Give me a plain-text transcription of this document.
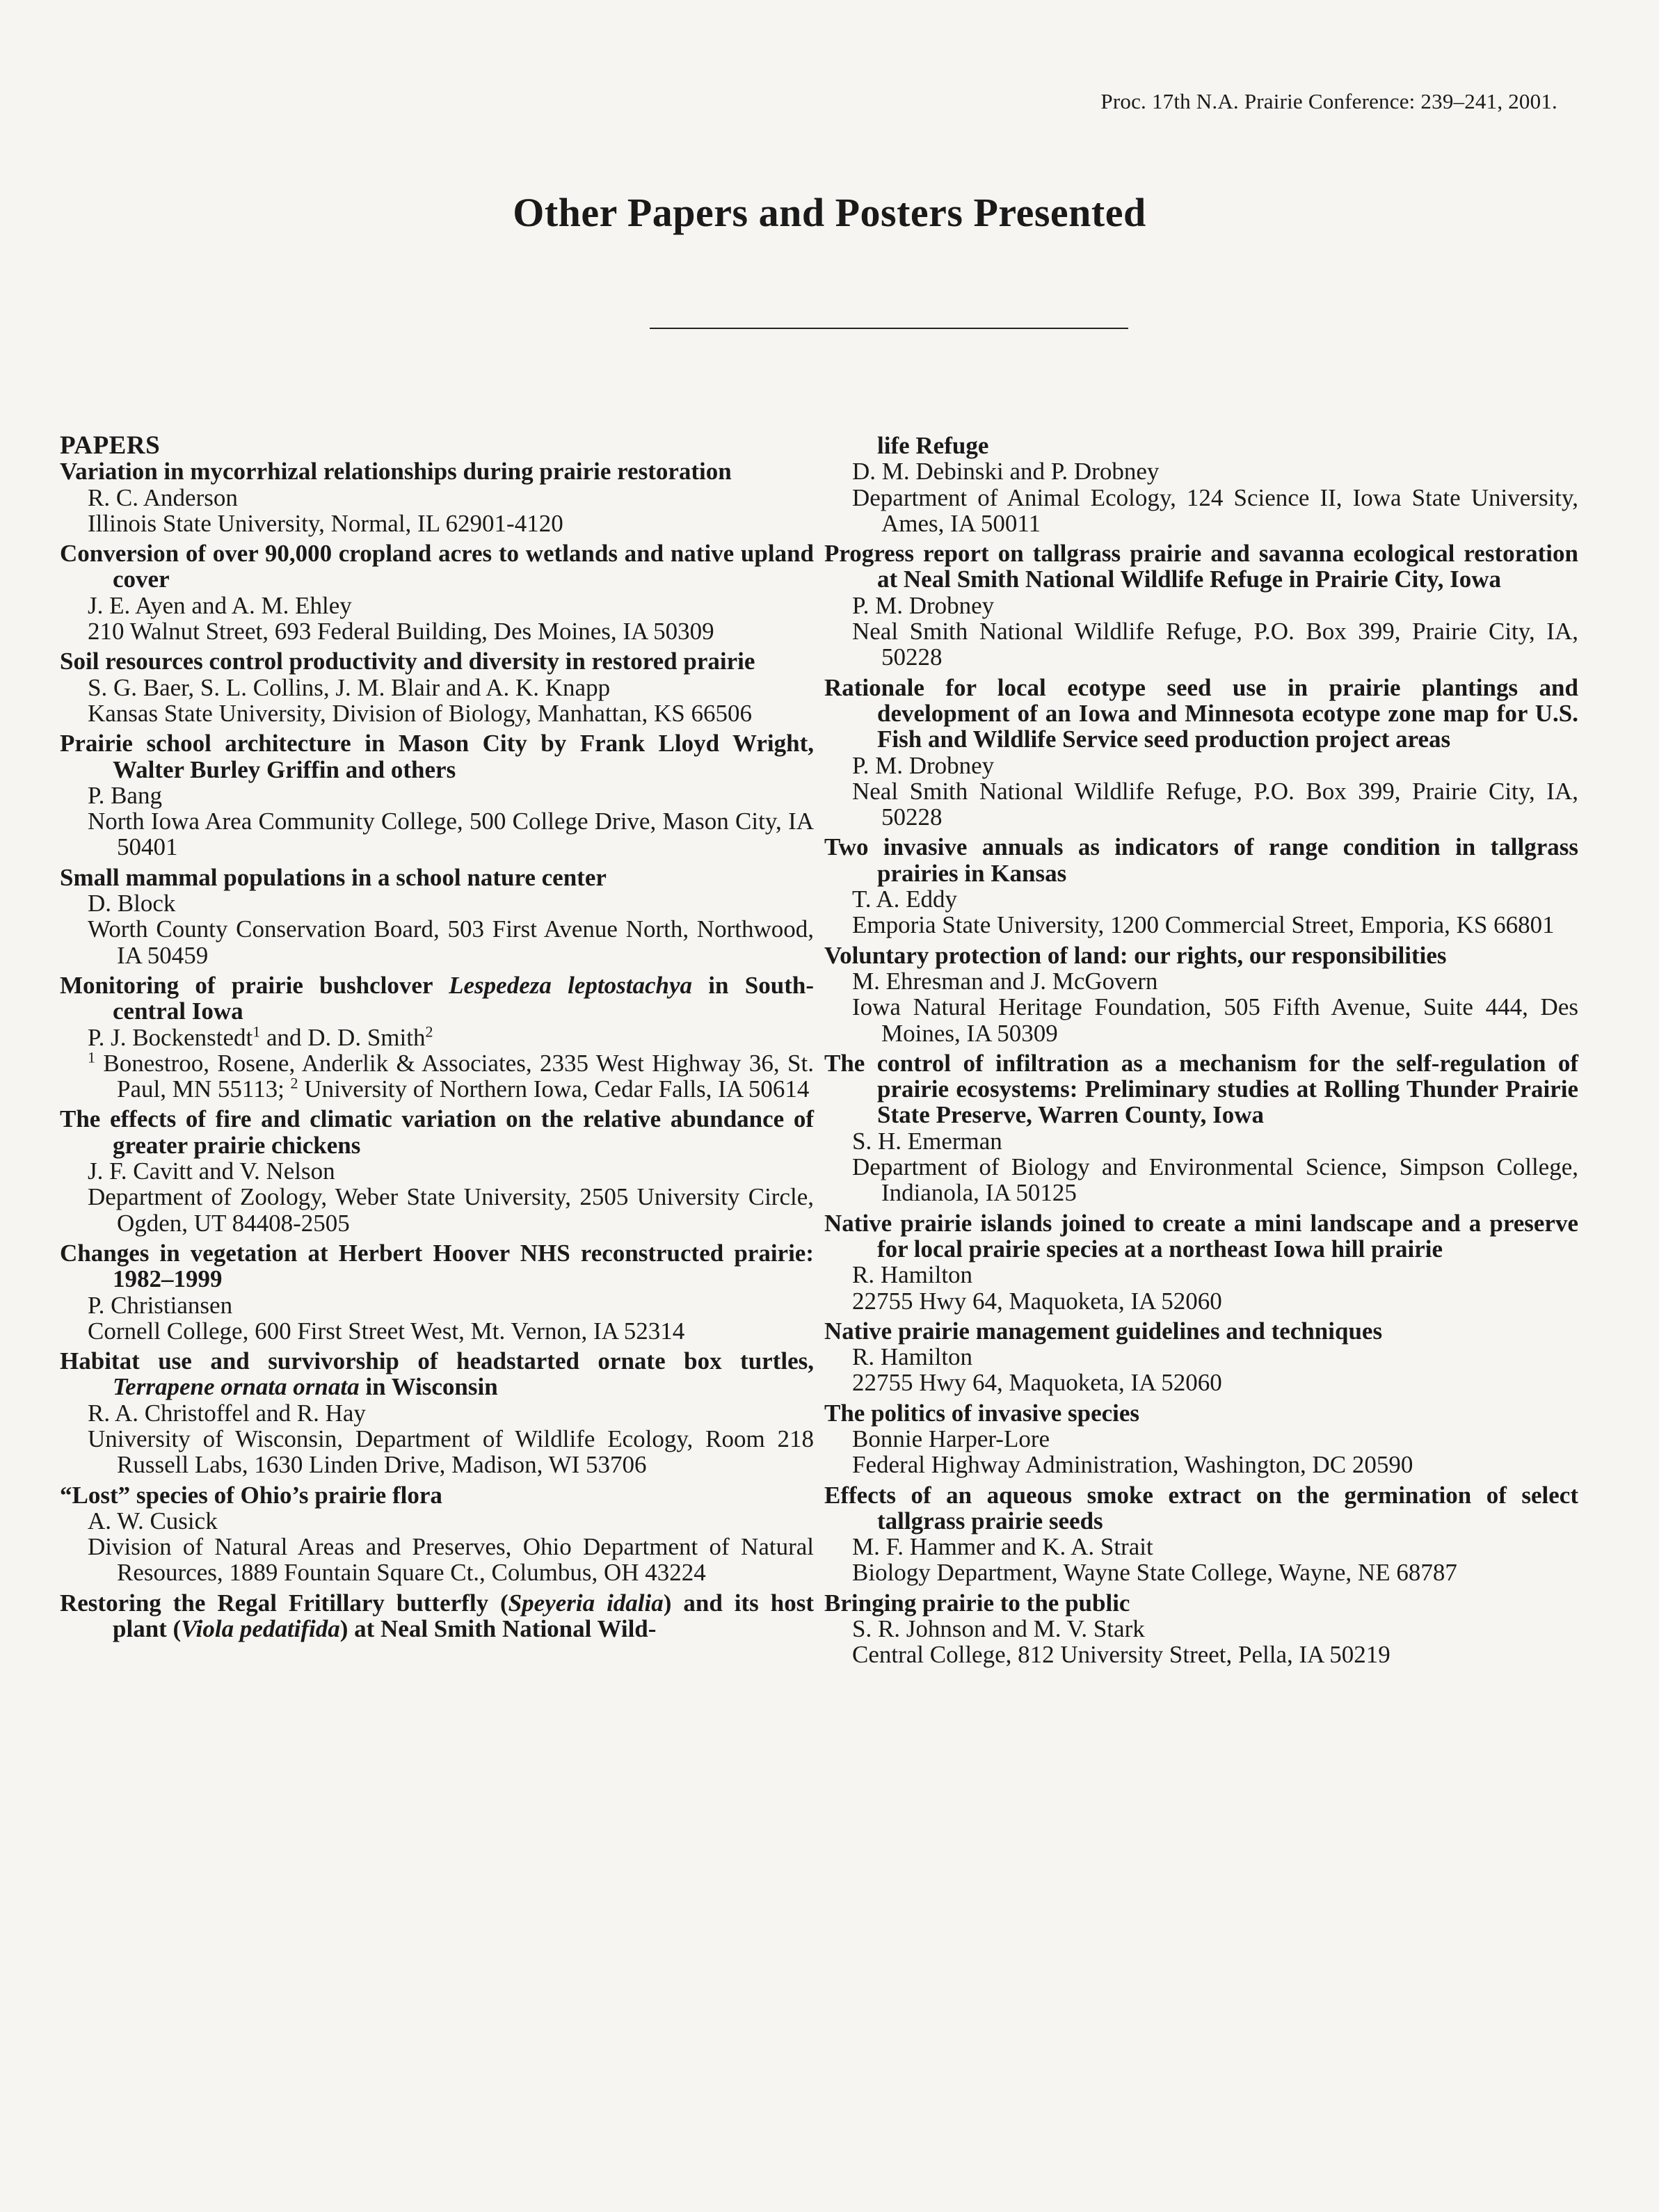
Proc. 17th N.A. Prairie Conference: 239–241, 2001.
Other Papers and Posters Presented
PAPERS
Variation in mycorrhizal relationships during prairie restoration
R. C. Anderson
Illinois State University, Normal, IL 62901-4120
Conversion of over 90,000 cropland acres to wetlands and native upland cover
J. E. Ayen and A. M. Ehley
210 Walnut Street, 693 Federal Building, Des Moines, IA 50309
Soil resources control productivity and diversity in restored prairie
S. G. Baer, S. L. Collins, J. M. Blair and A. K. Knapp
Kansas State University, Division of Biology, Manhattan, KS 66506
Prairie school architecture in Mason City by Frank Lloyd Wright, Walter Burley Griffin and others
P. Bang
North Iowa Area Community College, 500 College Drive, Mason City, IA 50401
Small mammal populations in a school nature center
D. Block
Worth County Conservation Board, 503 First Avenue North, Northwood, IA 50459
Monitoring of prairie bushclover Lespedeza leptostachya in South-central Iowa
P. J. Bockenstedt$^1$ and D. D. Smith$^2$
$^1$ Bonestroo, Rosene, Anderlik & Associates, 2335 West Highway 36, St. Paul, MN 55113; $^2$ University of Northern Iowa, Cedar Falls, IA 50614
The effects of fire and climatic variation on the relative abundance of greater prairie chickens
J. F. Cavitt and V. Nelson
Department of Zoology, Weber State University, 2505 University Circle, Ogden, UT 84408-2505
Changes in vegetation at Herbert Hoover NHS reconstructed prairie: 1982–1999
P. Christiansen
Cornell College, 600 First Street West, Mt. Vernon, IA 52314
Habitat use and survivorship of headstarted ornate box turtles, Terrapene ornata ornata in Wisconsin
R. A. Christoffel and R. Hay
University of Wisconsin, Department of Wildlife Ecology, Room 218 Russell Labs, 1630 Linden Drive, Madison, WI 53706
“Lost” species of Ohio’s prairie flora
A. W. Cusick
Division of Natural Areas and Preserves, Ohio Department of Natural Resources, 1889 Fountain Square Ct., Columbus, OH 43224
Restoring the Regal Fritillary butterfly (Speyeria idalia) and its host plant (Viola pedatifida) at Neal Smith National Wild-
life Refuge
D. M. Debinski and P. Drobney
Department of Animal Ecology, 124 Science II, Iowa State University, Ames, IA 50011
Progress report on tallgrass prairie and savanna ecological restoration at Neal Smith National Wildlife Refuge in Prairie City, Iowa
P. M. Drobney
Neal Smith National Wildlife Refuge, P.O. Box 399, Prairie City, IA, 50228
Rationale for local ecotype seed use in prairie plantings and development of an Iowa and Minnesota ecotype zone map for U.S. Fish and Wildlife Service seed production project areas
P. M. Drobney
Neal Smith National Wildlife Refuge, P.O. Box 399, Prairie City, IA, 50228
Two invasive annuals as indicators of range condition in tallgrass prairies in Kansas
T. A. Eddy
Emporia State University, 1200 Commercial Street, Emporia, KS 66801
Voluntary protection of land: our rights, our responsibilities
M. Ehresman and J. McGovern
Iowa Natural Heritage Foundation, 505 Fifth Avenue, Suite 444, Des Moines, IA 50309
The control of infiltration as a mechanism for the self-regulation of prairie ecosystems: Preliminary studies at Rolling Thunder Prairie State Preserve, Warren County, Iowa
S. H. Emerman
Department of Biology and Environmental Science, Simpson College, Indianola, IA 50125
Native prairie islands joined to create a mini landscape and a preserve for local prairie species at a northeast Iowa hill prairie
R. Hamilton
22755 Hwy 64, Maquoketa, IA 52060
Native prairie management guidelines and techniques
R. Hamilton
22755 Hwy 64, Maquoketa, IA 52060
The politics of invasive species
Bonnie Harper-Lore
Federal Highway Administration, Washington, DC 20590
Effects of an aqueous smoke extract on the germination of select tallgrass prairie seeds
M. F. Hammer and K. A. Strait
Biology Department, Wayne State College, Wayne, NE 68787
Bringing prairie to the public
S. R. Johnson and M. V. Stark
Central College, 812 University Street, Pella, IA 50219
